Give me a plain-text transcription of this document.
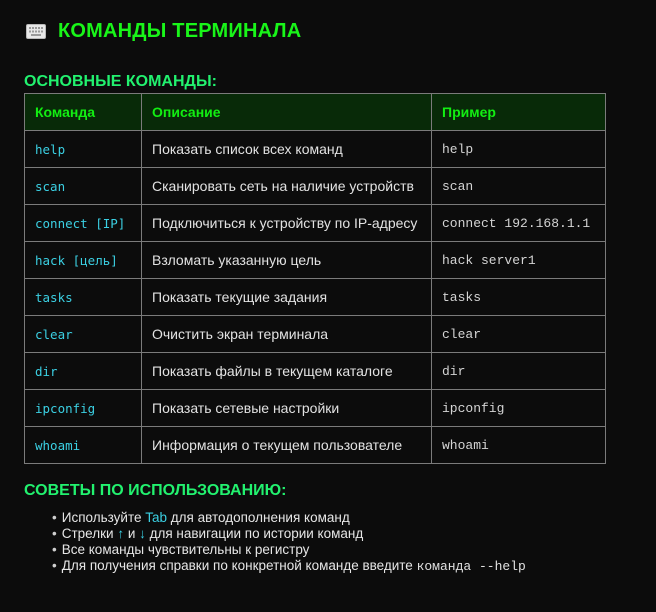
КОМАНДЫ ТЕРМИНАЛА
ОСНОВНЫЕ КОМАНДЫ:
Команда	Описание	Пример
help	Показать список всех команд	help
scan	Сканировать сеть на наличие устройств	scan
connect [IP]	Подключиться к устройству по IP-адресу	connect 192.168.1.1
hack [цель]	Взломать указанную цель	hack server1
tasks	Показать текущие задания	tasks
clear	Очистить экран терминала	clear
dir	Показать файлы в текущем каталоге	dir
ipconfig	Показать сетевые настройки	ipconfig
whoami	Информация о текущем пользователе	whoami
СОВЕТЫ ПО ИСПОЛЬЗОВАНИЮ:
• Используйте Tab для автодополнения команд
• Стрелки ↑ и ↓ для навигации по истории команд
• Все команды чувствительны к регистру
• Для получения справки по конкретной команде введите команда --help
